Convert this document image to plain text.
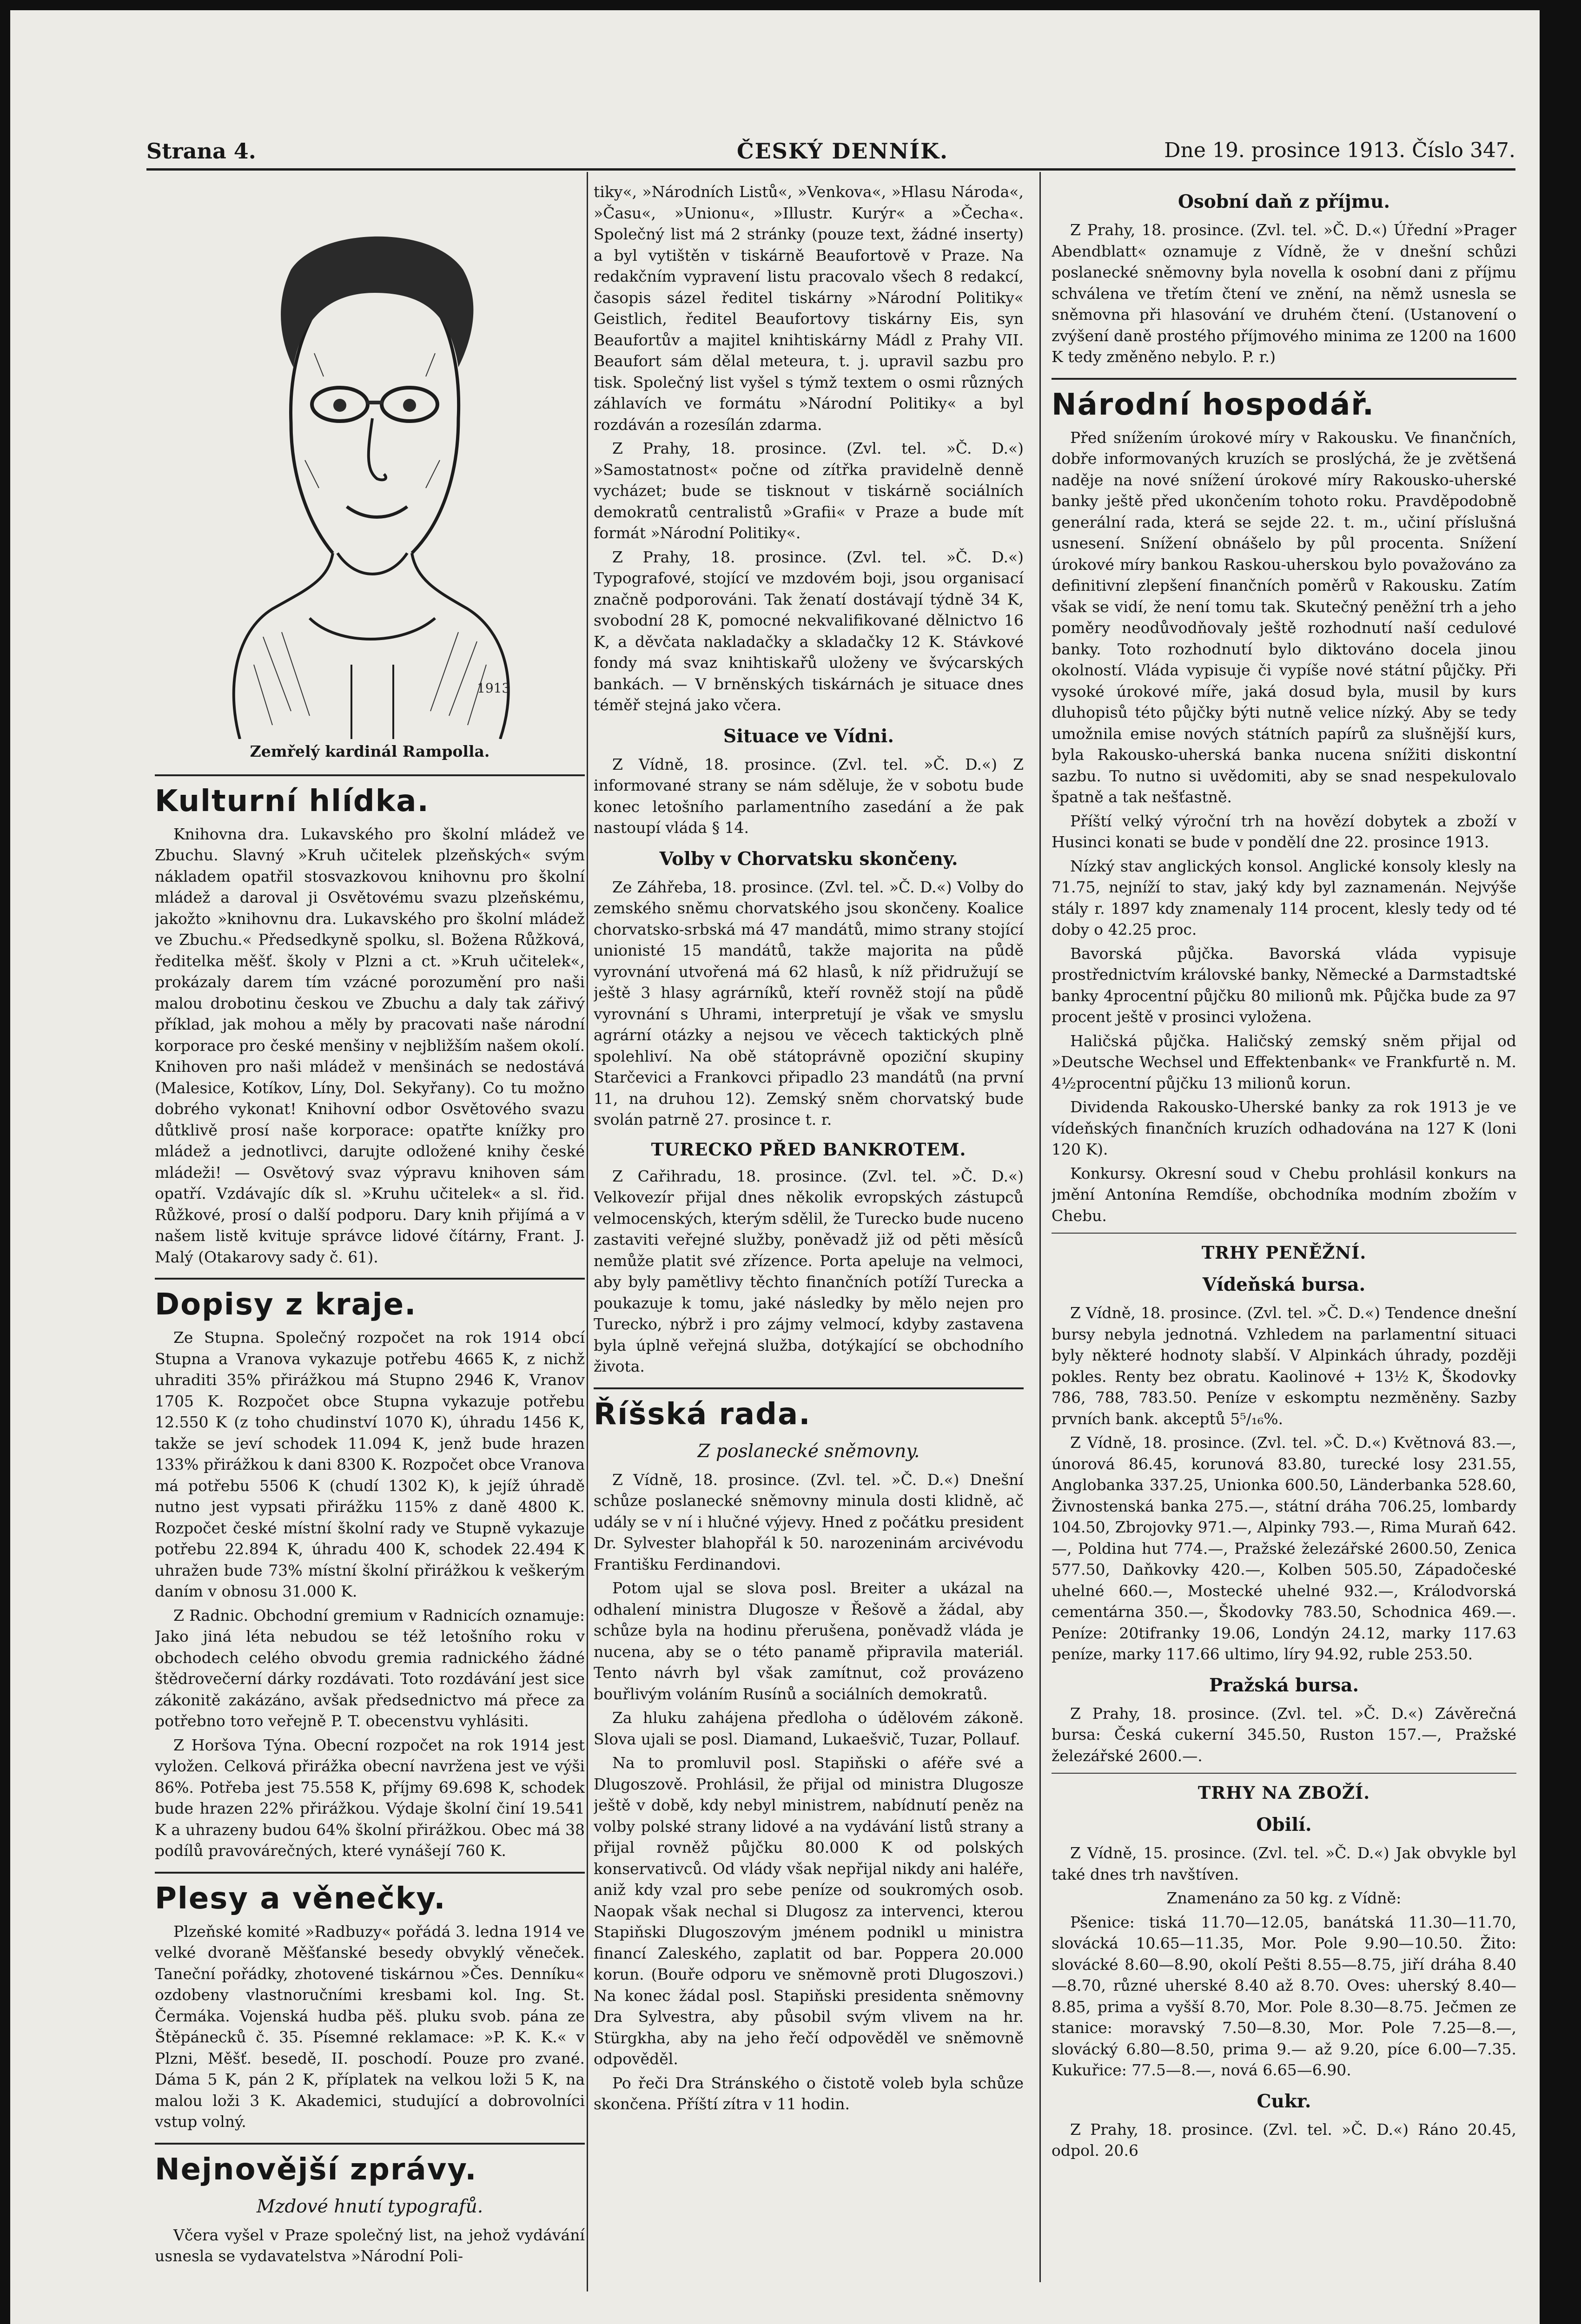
Strana 4.	ČESKÝ DENNÍK.	Dne 19. prosince 1913. Číslo 347.
1913
Zemřelý kardinál Rampolla.
Kulturní hlídka.

Knihovna dra. Lukavského pro školní mládež ve Zbuchu. Slavný »Kruh učitelek plzeňských« svým nákladem opatřil stosvazkovou knihovnu pro školní mládež a daroval ji Osvětovému svazu plzeňskému, jakožto »knihovnu dra. Lukavského pro školní mládež ve Zbuchu.« Předsedkyně spolku, sl. Božena Růžková, ředitelka měšť. školy v Plzni a ct. »Kruh učitelek«, prokázaly darem tím vzácné porozumění pro naši malou drobotinu českou ve Zbuchu a daly tak zářivý příklad, jak mohou a měly by pracovati naše národní korporace pro české menšiny v nejbližším našem okolí. Knihoven pro naši mládež v menšinách se nedostává (Malesice, Kotíkov, Líny, Dol. Sekyřany). Co tu možno dobrého vykonat! Knihovní odbor Osvětového svazu důtklivě prosí naše korporace: opatřte knížky pro mládež a jednotlivci, darujte odložené knihy české mládeži! — Osvětový svaz výpravu knihoven sám opatří. Vzdávajíc dík sl. »Kruhu učitelek« a sl. řid. Růžkové, prosí o další podporu. Dary knih přijímá a v našem listě kvituje správce lidové čítárny, Frant. J. Malý (Otakarovy sady č. 61).

Dopisy z kraje.

Ze Stupna. Společný rozpočet na rok 1914 obcí Stupna a Vranova vykazuje potřebu 4665 K, z nichž uhraditi 35% přirážkou má Stupno 2946 K, Vranov 1705 K. Rozpočet obce Stupna vykazuje potřebu 12.550 K (z toho chudinství 1070 K), úhradu 1456 K, takže se jeví schodek 11.094 K, jenž bude hrazen 133% přirážkou k dani 8300 K. Rozpočet obce Vranova má potřebu 5506 K (chudí 1302 K), k jejíž úhradě nutno jest vypsati přirážku 115% z daně 4800 K. Rozpočet české místní školní rady ve Stupně vykazuje potřebu 22.894 K, úhradu 400 K, schodek 22.494 K uhražen bude 73% místní školní přirážkou k veškerým daním v obnosu 31.000 K.

Z Radnic. Obchodní gremium v Radnicích oznamuje: Jako jiná léta nebudou se též letošního roku v obchodech celého obvodu gremia radnického žádné štědrovečerní dárky rozdávati. Toto rozdávání jest sice zákonitě zakázáno, avšak předsednictvo má přece za potřebno tото veřejně P. T. obecenstvu vyhlásiti.

Z Horšova Týna. Obecní rozpočet na rok 1914 jest vyložen. Celková přirážka obecní navržena jest ve výši 86%. Potřeba jest 75.558 K, příjmy 69.698 K, schodek bude hrazen 22% přirážkou. Výdaje školní činí 19.541 K a uhrazeny budou 64% školní přirážkou. Obec má 38 podílů pravovárečných, které vynášejí 760 K.

Plesy a věnečky.

Plzeňské komité »Radbuzy« pořádá 3. ledna 1914 ve velké dvoraně Měšťanské besedy obvyklý věneček. Taneční pořádky, zhotovené tiskárnou »Čes. Denníku« ozdobeny vlastnoručními kresbami kol. Ing. St. Čermáka. Vojenská hudba pěš. pluku svob. pána ze Štěpánecků č. 35. Písemné reklamace: »P. K. K.« v Plzni, Měšť. besedě, II. poschodí. Pouze pro zvané. Dáma 5 K, pán 2 K, příplatek na velkou loži 5 K, na malou loži 3 K. Akademici, studující a dobrovolníci vstup volný.

Nejnovější zprávy.
Mzdové hnutí typografů.

Včera vyšel v Praze společný list, na jehož vydávání usnesla se vydavatelstva »Národní Poli-

tiky«, »Národních Listů«, »Venkova«, »Hlasu Národa«, »Času«, »Unionu«, »Illustr. Kurýr« a »Čecha«. Společný list má 2 stránky (pouze text, žádné inserty) a byl vytištěn v tiskárně Beaufortově v Praze. Na redakčním vypravení listu pracovalo všech 8 redakcí, časopis sázel ředitel tiskárny »Národní Politiky« Geistlich, ředitel Beaufortovy tiskárny Eis, syn Beaufortův a majitel knihtiskárny Mádl z Prahy VII. Beaufort sám dělal meteura, t. j. upravil sazbu pro tisk. Společný list vyšel s týmž textem o osmi různých záhlavích ve formátu »Národní Politiky« a byl rozdáván a rozesílán zdarma.

Z Prahy, 18. prosince. (Zvl. tel. »Č. D.«) »Samostatnost« počne od zítřka pravidelně denně vycházet; bude se tisknout v tiskárně sociálních demokratů centralistů »Grafii« v Praze a bude mít formát »Národní Politiky«.

Z Prahy, 18. prosince. (Zvl. tel. »Č. D.«) Typografové, stojící ve mzdovém boji, jsou organisací značně podporováni. Tak ženatí dostávají týdně 34 K, svobodní 28 K, pomocné nekvalifikované dělnictvo 16 K, a děvčata nakladačky a skladačky 12 K. Stávkové fondy má svaz knihtiskařů uloženy ve švýcarských bankách. — V brněnských tiskárnách je situace dnes téměř stejná jako včera.

Situace ve Vídni.

Z Vídně, 18. prosince. (Zvl. tel. »Č. D.«) Z informované strany se nám sděluje, že v sobotu bude konec letošního parlamentního zasedání a že pak nastoupí vláda § 14.

Volby v Chorvatsku skončeny.

Ze Záhřeba, 18. prosince. (Zvl. tel. »Č. D.«) Volby do zemského sněmu chorvatského jsou skončeny. Koalice chorvatsko-srbská má 47 mandátů, mimo strany stojící unionisté 15 mandátů, takže majorita na půdě vyrovnání utvořená má 62 hlasů, k níž přidružují se ještě 3 hlasy agrárníků, kteří rovněž stojí na půdě vyrovnání s Uhrami, interpretují je však ve smyslu agrární otázky a nejsou ve věcech taktických plně spolehliví. Na obě státoprávně opoziční skupiny Starčevici a Frankovci připadlo 23 mandátů (na první 11, na druhou 12). Zemský sněm chorvatský bude svolán patrně 27. prosince t. r.

TURECKO PŘED BANKROTEM.

Z Cařihradu, 18. prosince. (Zvl. tel. »Č. D.«) Velkovezír přijal dnes několik evropských zástupců velmocenských, kterým sdělil, že Turecko bude nuceno zastaviti veřejné služby, poněvadž již od pěti měsíců nemůže platit své zřízence. Porta apeluje na velmoci, aby byly pamětlivy těchto finančních potíží Turecka a poukazuje k tomu, jaké následky by mělo nejen pro Turecko, nýbrž i pro zájmy velmocí, kdyby zastavena byla úplně veřejná služba, dotýkající se obchodního života.

Říšská rada.
Z poslanecké sněmovny.

Z Vídně, 18. prosince. (Zvl. tel. »Č. D.«) Dnešní schůze poslanecké sněmovny minula dosti klidně, ač udály se v ní i hlučné výjevy. Hned z počátku president Dr. Sylvester blahopřál k 50. narozeninám arcivévodu Františku Ferdinandovi.

Potom ujal se slova posl. Breiter a ukázal na odhalení ministra Dlugosze v Řešově a žádal, aby schůze byla na hodinu přerušena, poněvadž vláda je nucena, aby se o této panamě připravila materiál. Tento návrh byl však zamítnut, což provázeno bouřlivým voláním Rusínů a sociálních demokratů.

Za hluku zahájena předloha o údělovém zákoně. Slova ujali se posl. Diamand, Lukaešvič, Tuzar, Pollauf.

Na to promluvil posl. Stapiňski o aféře své a Dlugoszově. Prohlásil, že přijal od ministra Dlugosze ještě v době, kdy nebyl ministrem, nabídnutí peněz na volby polské strany lidové a na vydávání listů strany a přijal rovněž půjčku 80.000 K od polských konservativců. Od vlády však nepřijal nikdy ani haléře, aniž kdy vzal pro sebe peníze od soukromých osob. Naopak však nechal si Dlugosz za intervenci, kterou Stapiňski Dlugoszovým jménem podnikl u ministra financí Zaleského, zaplatit od bar. Poppera 20.000 korun. (Bouře odporu ve sněmovně proti Dlugoszovi.) Na konec žádal posl. Stapiňski presidenta sněmovny Dra Sylvestra, aby působil svým vlivem na hr. Stürgkha, aby na jeho řečí odpověděl ve sněmovně odpověděl.

Po řeči Dra Stránského o čistotě voleb byla schůze skončena. Příští zítra v 11 hodin.

Osobní daň z příjmu.

Z Prahy, 18. prosince. (Zvl. tel. »Č. D.«) Úřední »Prager Abendblatt« oznamuje z Vídně, že v dnešní schůzi poslanecké sněmovny byla novella k osobní dani z příjmu schválena ve třetím čtení ve znění, na němž usnesla se sněmovna při hlasování ve druhém čtení. (Ustanovení o zvýšení daně prostého příjmového minima ze 1200 na 1600 K tedy změněno nebylo. P. r.)

Národní hospodář.

Před snížením úrokové míry v Rakousku. Ve finančních, dobře informovaných kruzích se proslýchá, že je zvětšená naděje na nové snížení úrokové míry Rakousko-uherské banky ještě před ukončením tohoto roku. Pravděpodobně generální rada, která se sejde 22. t. m., učiní příslušná usnesení. Snížení obnášelo by půl procenta. Snížení úrokové míry bankou Raskou-uherskou bylo považováno za definitivní zlepšení finančních poměrů v Rakousku. Zatím však se vidí, že není tomu tak. Skutečný peněžní trh a jeho poměry neodůvodňovaly ještě rozhodnutí naší cedulové banky. Toto rozhodnutí bylo diktováno docela jinou okolností. Vláda vypisuje či vypíše nové státní půjčky. Při vysoké úrokové míře, jaká dosud byla, musil by kurs dluhopisů této půjčky býti nutně velice nízký. Aby se tedy umožnila emise nových státních papírů za slušnější kurs, byla Rakousko-uherská banka nucena snížiti diskontní sazbu. To nutno si uvědomiti, aby se snad nespekulovalo špatně a tak nešťastně.

Příští velký výroční trh na hovězí dobytek a zboží v Husinci konati se bude v pondělí dne 22. prosince 1913.

Nízký stav anglických konsol. Anglické konsoly klesly na 71.75, nejníží to stav, jaký kdy byl zaznamenán. Nejvýše stály r. 1897 kdy znamenaly 114 procent, klesly tedy od té doby o 42.25 proc.

Bavorská půjčka. Bavorská vláda vypisuje prostřednictvím královské banky, Německé a Darmstadtské banky 4procentní půjčku 80 milionů mk. Půjčka bude za 97 procent ještě v prosinci vyložena.

Haličská půjčka. Haličský zemský sněm přijal od »Deutsche Wechsel und Effektenbank« ve Frankfurtě n. M. 4½procentní půjčku 13 milionů korun.

Dividenda Rakousko-Uherské banky za rok 1913 je ve vídeňských finančních kruzích odhadována na 127 K (loni 120 K).

Konkursy. Okresní soud v Chebu prohlásil konkurs na jmění Antonína Remdíše, obchodníka modním zbožím v Chebu.

TRHY PENĚŽNÍ.
Vídeňská bursa.

Z Vídně, 18. prosince. (Zvl. tel. »Č. D.«) Tendence dnešní bursy nebyla jednotná. Vzhledem na parlamentní situaci byly některé hodnoty slabší. V Alpinkách úhrady, později pokles. Renty bez obratu. Kaolinové + 13½ K, Škodovky 786, 788, 783.50. Peníze v eskomptu nezměněny. Sazby prvních bank. akceptů 5⁵/₁₆%.

Z Vídně, 18. prosince. (Zvl. tel. »Č. D.«) Květnová 83.—, únorová 86.45, korunová 83.80, turecké losy 231.55, Anglobanka 337.25, Unionka 600.50, Länderbanka 528.60, Živnostenská banka 275.—, státní dráha 706.25, lombardy 104.50, Zbrojovky 971.—, Alpinky 793.—, Rima Muraň 642.—, Poldina hut 774.—, Pražské železářské 2600.50, Zenica 577.50, Daňkovky 420.—, Kolben 505.50, Západočeské uhelné 660.—, Mostecké uhelné 932.—, Králodvorská cementárna 350.—, Škodovky 783.50, Schodnica 469.—. Peníze: 20tifranky 19.06, Londýn 24.12, marky 117.63 peníze, marky 117.66 ultimo, líry 94.92, ruble 253.50.

Pražská bursa.

Z Prahy, 18. prosince. (Zvl. tel. »Č. D.«) Závěrečná bursa: Česká cukerní 345.50, Ruston 157.—, Pražské železářské 2600.—.

TRHY NA ZBOŽÍ.
Obilí.

Z Vídně, 15. prosince. (Zvl. tel. »Č. D.«) Jak obvykle byl také dnes trh navštíven.

Znamenáno za 50 kg. z Vídně:

Pšenice: tiská 11.70—12.05, banátská 11.30—11.70, slovácká 10.65—11.35, Mor. Pole 9.90—10.50. Žito: slovácké 8.60—8.90, okolí Pešti 8.55—8.75, jiří dráha 8.40—8.70, různé uherské 8.40 až 8.70. Oves: uherský 8.40—8.85, prima a vyšší 8.70, Mor. Pole 8.30—8.75. Ječmen ze stanice: moravský 7.50—8.30, Mor. Pole 7.25—8.—, slovácký 6.80—8.50, prima 9.— až 9.20, píce 6.00—7.35. Kukuřice: 77.5—8.—, nová 6.65—6.90.

Cukr.

Z Prahy, 18. prosince. (Zvl. tel. »Č. D.«) Ráno 20.45, odpol. 20.6
